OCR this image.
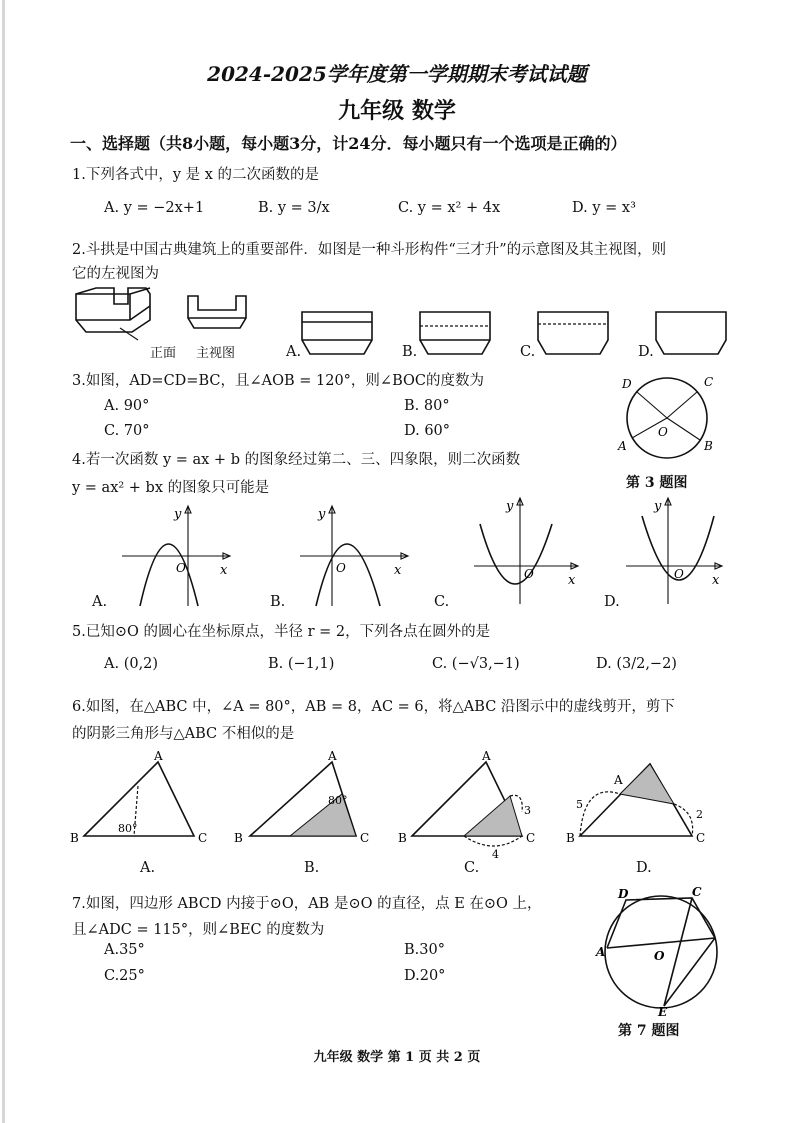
2024-2025学年度第一学期期末考试试题
九年级 数学
一、选择题（共8小题，每小题3分，计24分．每小题只有一个选项是正确的）
1.下列各式中，y 是 x 的二次函数的是
A. y = −2x+1	B. y = 3/x	C. y = x² + 4x	D. y = x³
2.斗拱是中国古典建筑上的重要部件．如图是一种斗形构件“三才升”的示意图及其主视图，则
它的左视图为
正面 主视图	A.	B.	C.	D.
3.如图，AD=CD=BC，且∠AOB = 120°，则∠BOC的度数为
A. 90°	B. 80°
C. 70°	D. 60°
D	C
O
A	B
第 3 题图
4.若一次函数 y = ax + b 的图象经过第二、三、四象限，则二次函数
y = ax² + bx 的图象只可能是
y
O	x
A.
y
O	x
B.
y
O	x
C.
y
O x
D.
5.已知⊙O 的圆心在坐标原点，半径 r = 2，下列各点在圆外的是
A. (0,2)	B. (−1,1)	C. (−√3,−1)	D. (3/2,−2)
6.如图，在△ABC 中，∠A = 80°，AB = 8，AC = 6，将△ABC 沿图示中的虚线剪开，剪下
的阴影三角形与△ABC 不相似的是
B
A
C
80°
A.
B
A
C
80°
B.
B
A
C
3
4
C.
B
A
C
5
2
D.
7.如图，四边形 ABCD 内接于⊙O，AB 是⊙O 的直径，点 E 在⊙O 上，
且∠ADC = 115°，则∠BEC 的度数为
A.35°	B.30°
C.25°	D.20°
D	C
A	O
E
第 7 题图
九年级 数学 第 1 页 共 2 页
